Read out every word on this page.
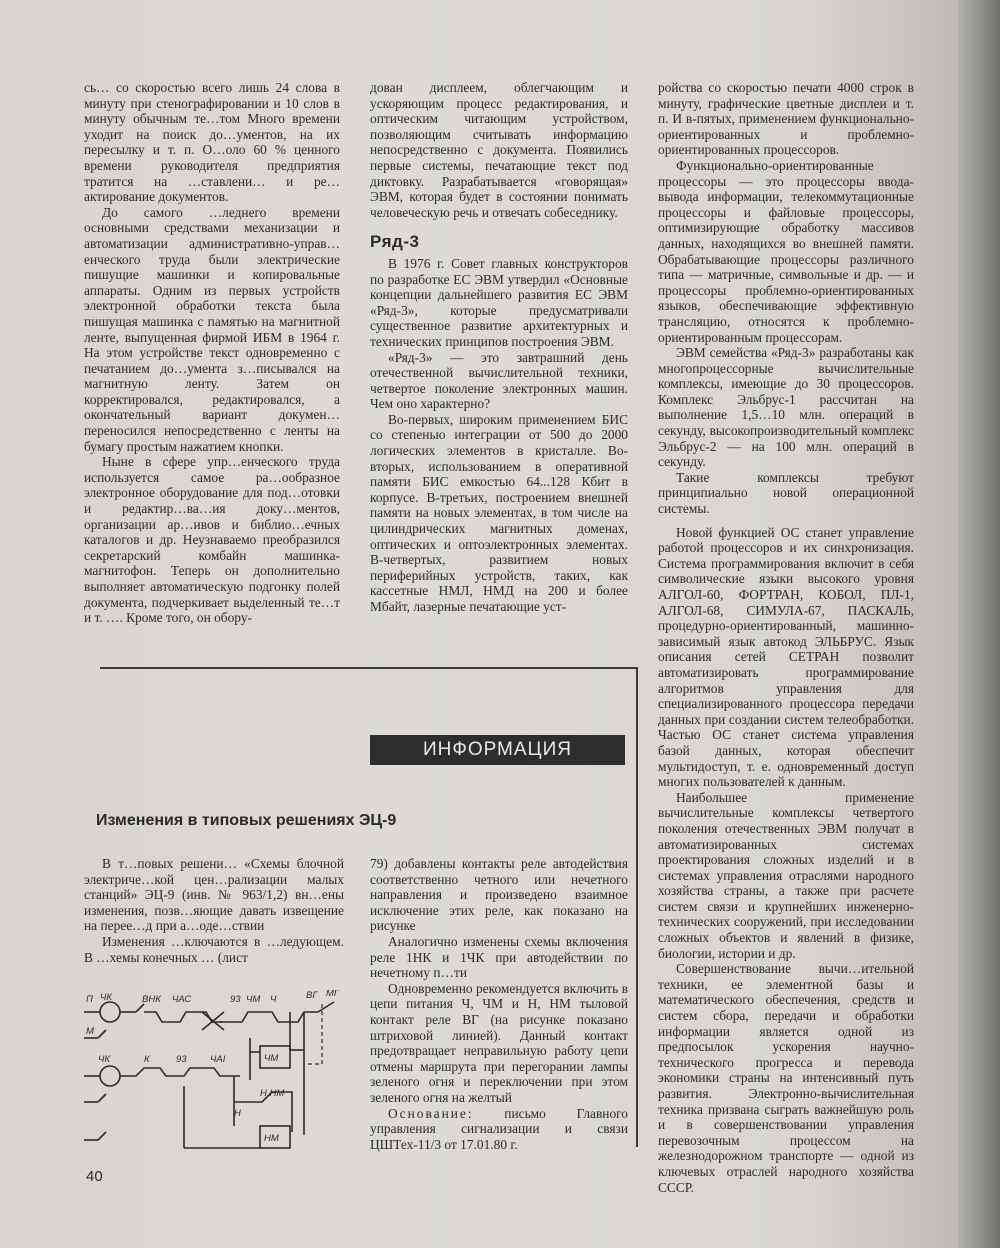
сь… со скоростью всего лишь 24 слова в минуту при стенографировании и 10 слов в минуту обычным те…том Много времени уходит на поиск до…ументов, на их пересылку и т. п. О…оло 60 % ценного времени руководителя предприятия тратится на …ставлени… и ре…актирование документов.

До самого …леднего времени основными средствами механизации и автоматизации административно-управ…енческого труда были электрические пишущие машинки и копировальные аппараты. Одним из первых устройств электронной обработки текста была пишущая машинка с памятью на магнитной ленте, выпущенная фирмой ИБМ в 1964 г. На этом устройстве текст одновременно с печатанием до…умента з…писывался на магнитную ленту. Затем он корректировался, редактировался, а окончательный вариант докумен… переносился непосредственно с ленты на бумагу простым нажатием кнопки.

Ныне в сфере упр…енческого труда используется самое ра…ообразное электронное оборудование для под…отовки и редактир…ва…ия доку…ментов, организации ар…ивов и библио…ечных каталогов и др. Неузнаваемо преобразился секретарский комбайн машинка-магнитофон. Теперь он дополнительно выполняет автоматическую подгонку полей документа, подчеркивает выделенный те…т и т. …. Кроме того, он обору-

дован дисплеем, облегчающим и ускоряющим процесс редактирования, и оптическим читающим устройством, позволяющим считывать информацию непосредственно с документа. Появились первые системы, печатающие текст под диктовку. Разрабатывается «говорящая» ЭВМ, которая будет в состоянии понимать человеческую речь и отвечать собеседнику.

Ряд-3

В 1976 г. Совет главных конструкторов по разработке ЕС ЭВМ утвердил «Основные концепции дальнейшего развития ЕС ЭВМ «Ряд-3», которые предусматривали существенное развитие архитектурных и технических принципов построения ЭВМ.

«Ряд-3» — это завтрашний день отечественной вычислительной техники, четвертое поколение электронных машин. Чем оно характерно?

Во-первых, широким применением БИС со степенью интеграции от 500 до 2000 логических элементов в кристалле. Во-вторых, использованием в оперативной памяти БИС емкостью 64...128 Кбит в корпусе. В-третьих, построением внешней памяти на новых элементах, в том числе на цилиндрических магнитных доменах, оптических и оптоэлектронных элементах. В-четвертых, развитием новых периферийных устройств, таких, как кассетные НМЛ, НМД на 200 и более Мбайт, лазерные печатающие уст-

ройства со скоростью печати 4000 строк в минуту, графические цветные дисплеи и т. п. И в-пятых, применением функционально-ориентированных и проблемно-ориентированных процессоров.

Функционально-ориентированные процессоры — это процессоры ввода-вывода информации, телекоммутационные процессоры и файловые процессоры, оптимизирующие обработку массивов данных, находящихся во внешней памяти. Обрабатывающие процессоры различного типа — матричные, символьные и др. — и процессоры проблемно-ориентированных языков, обеспечивающие эффективную трансляцию, относятся к проблемно-ориентированным процессорам.

ЭВМ семейства «Ряд-3» разработаны как многопроцессорные вычислительные комплексы, имеющие до 30 процессоров. Комплекс Эльбрус-1 рассчитан на выполнение 1,5…10 млн. операций в секунду, высокопроизводительный комплекс Эльбрус-2 — на 100 млн. операций в секунду.

Такие комплексы требуют принципиально новой операционной системы.

Новой функцией ОС станет управление работой процессоров и их синхронизация. Система программирования включит в себя символические языки высокого уровня АЛГОЛ-60, ФОРТРАН, КОБОЛ, ПЛ-1, АЛГОЛ-68, СИМУЛА-67, ПАСКАЛЬ, процедурно-ориентированный, машинно-зависимый язык автокод ЭЛЬБРУС. Язык описания сетей СЕТРАН позволит автоматизировать программирование алгоритмов управления для специализированного процессора передачи данных при создании систем телеобработки. Частью ОС станет система управления базой данных, которая обеспечит мультидоступ, т. е. одновременный доступ многих пользователей к данным.

Наибольшее применение вычислительные комплексы четвертого поколения отечественных ЭВМ получат в автоматизированных системах проектирования сложных изделий и в системах управления отраслями народного хозяйства страны, а также при расчете систем связи и крупнейших инженерно-технических сооружений, при исследовании сложных объектов и явлений в физике, биологии, истории и др.

Совершенствование вычи…ительной техники, ее элементной базы и математического обеспечения, средств и систем сбора, передачи и обработки информации является одной из предпосылок ускорения научно-технического прогресса и перевода экономики страны на интенсивный путь развития. Электронно-вычислительная техника призвана сыграть важнейшую роль и в совершенствовании управления перевозочным процессом на железнодорожном транспорте — одной из ключевых отраслей народного хозяйства СССР.

ИНФОРМАЦИЯ
Изменения в типовых решениях ЭЦ-9

В т…повых решени… «Схемы блочной электриче…кой цен…рализации малых станций» ЭЦ-9 (инв. № 963/1,2) вн…ены изменения, позв…яющие давать извещение на перее…д при а…оде…ствии

Изменения …ключаются в …ледующем. В …хемы конечных … (лист

П ЧК	ВНК ЧАС	93 ЧМ Ч	ВГ МГ
М
ЧМ
ЧК	К	93 ЧАI
Н,НМ
Н
НМ

79) добавлены контакты реле автодействия соответственно четного или нечетного направления и произведено взаимное исключение этих реле, как показано на рисунке

Аналогично изменены схемы включения реле 1НК и 1ЧК при автодействии по нечетному п…ти

Одновременно рекомендуется включить в цепи питания Ч, ЧМ и Н, НМ тыловой контакт реле ВГ (на рисунке показано штриховой линией). Данный контакт предотвращает неправильную работу цепи отмены маршрута при перегорании лампы зеленого огня и переключении при этом зеленого огня на желтый

Основание: письмо Главного управления сигнализации и связи ЦШТех-11/3 от 17.01.80 г.

40
